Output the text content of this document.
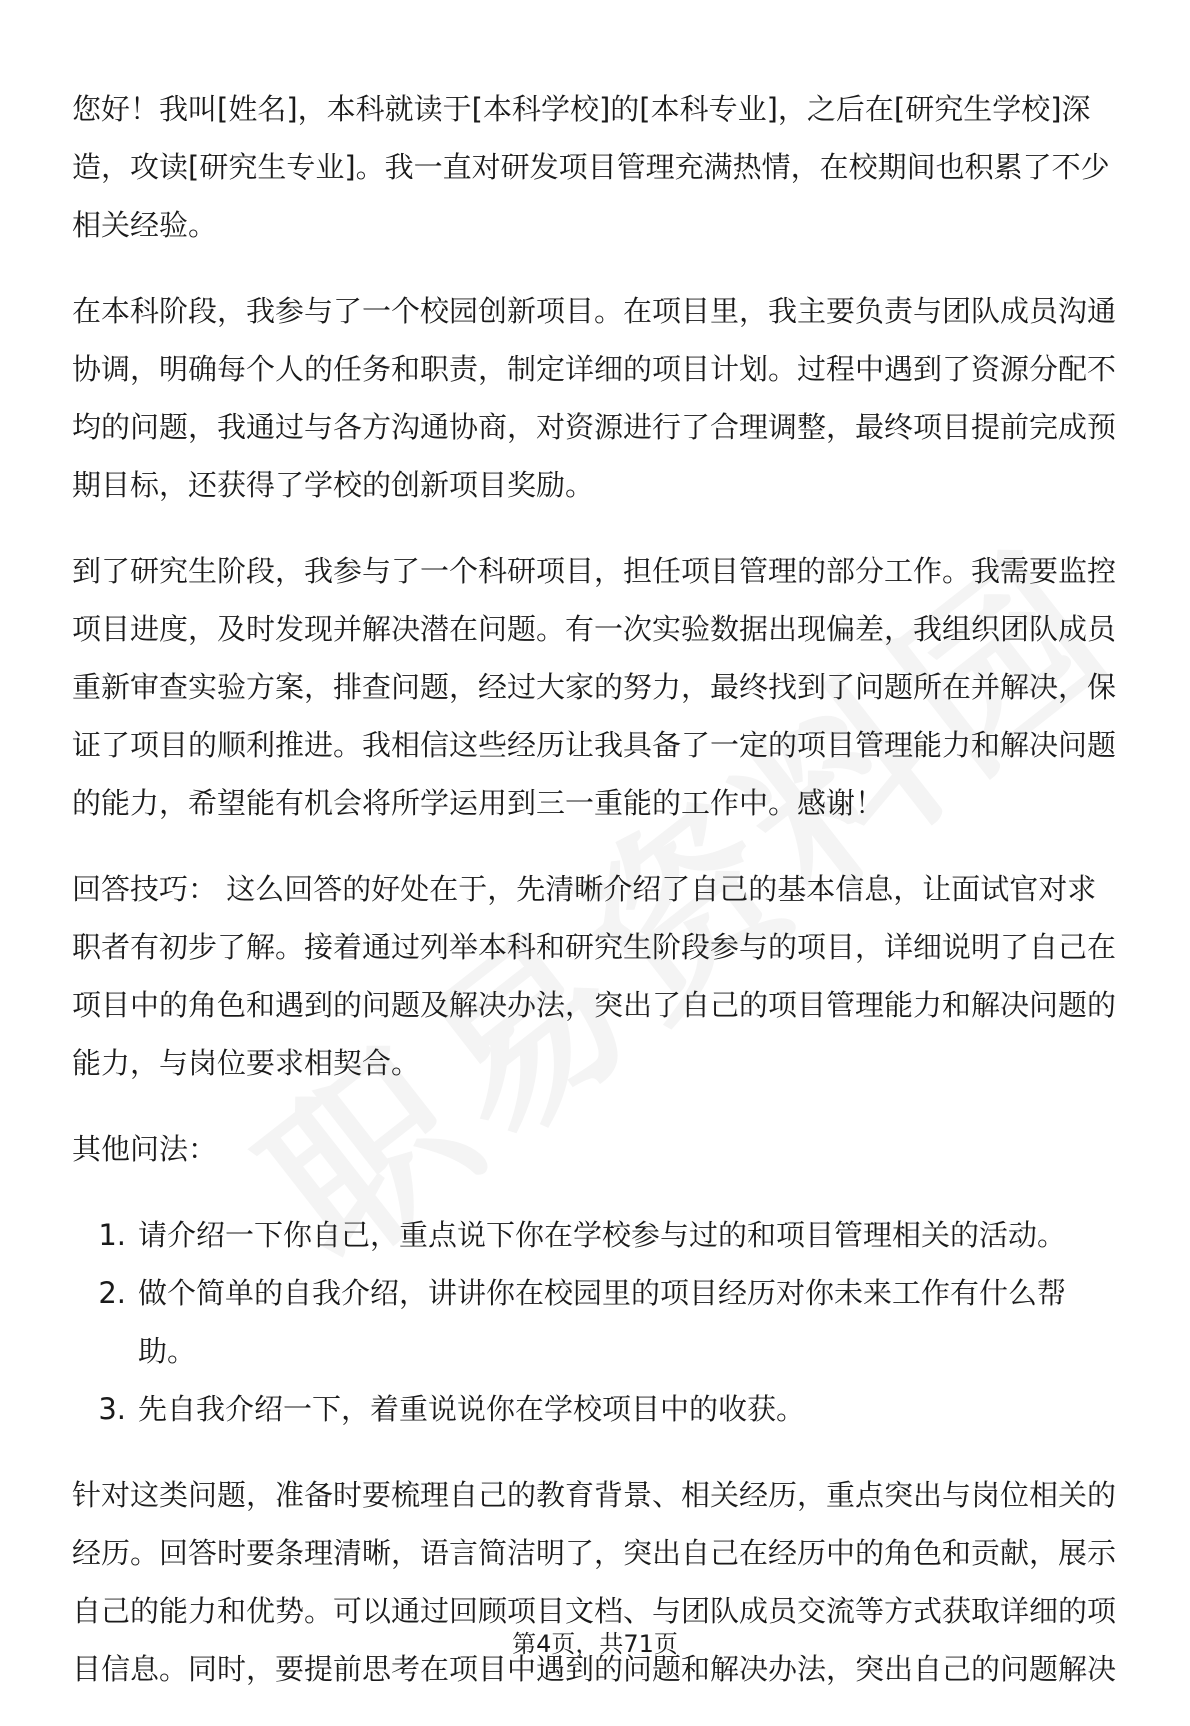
您好！我叫[姓名]，本科就读于[本科学校]的[本科专业]，之后在[研究生学校]深造，攻读[研究生专业]。我一直对研发项目管理充满热情，在校期间也积累了不少相关经验。

在本科阶段，我参与了一个校园创新项目。在项目里，我主要负责与团队成员沟通协调，明确每个人的任务和职责，制定详细的项目计划。过程中遇到了资源分配不均的问题，我通过与各方沟通协商，对资源进行了合理调整，最终项目提前完成预期目标，还获得了学校的创新项目奖励。

到了研究生阶段，我参与了一个科研项目，担任项目管理的部分工作。我需要监控项目进度，及时发现并解决潜在问题。有一次实验数据出现偏差，我组织团队成员重新审查实验方案，排查问题，经过大家的努力，最终找到了问题所在并解决，保证了项目的顺利推进。我相信这些经历让我具备了一定的项目管理能力和解决问题的能力，希望能有机会将所学运用到三一重能的工作中。感谢！

回答技巧： 这么回答的好处在于，先清晰介绍了自己的基本信息，让面试官对求职者有初步了解。接着通过列举本科和研究生阶段参与的项目，详细说明了自己在项目中的角色和遇到的问题及解决办法，突出了自己的项目管理能力和解决问题的能力，与岗位要求相契合。

其他问法：

1. 请介绍一下你自己，重点说下你在学校参与过的和项目管理相关的活动。
2. 做个简单的自我介绍，讲讲你在校园里的项目经历对你未来工作有什么帮助。
3. 先自我介绍一下，着重说说你在学校项目中的收获。

针对这类问题，准备时要梳理自己的教育背景、相关经历，重点突出与岗位相关的经历。回答时要条理清晰，语言简洁明了，突出自己在经历中的角色和贡献，展示自己的能力和优势。可以通过回顾项目文档、与团队成员交流等方式获取详细的项目信息。同时，要提前思考在项目中遇到的问题和解决办法，突出自己的问题解决

第4页，共71页
